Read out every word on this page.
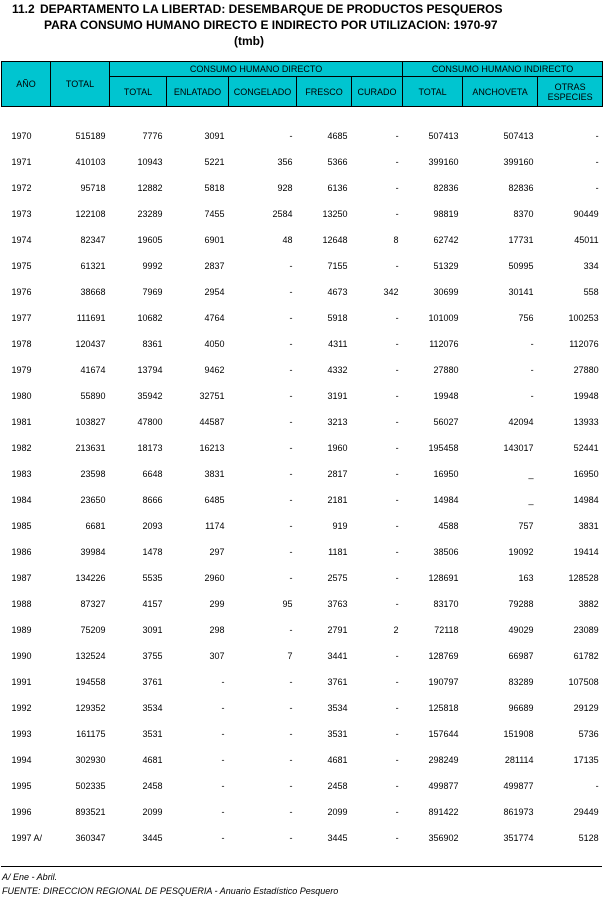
11.2 DEPARTAMENTO LA LIBERTAD: DESEMBARQUE DE PRODUCTOS PESQUEROS
PARA CONSUMO HUMANO DIRECTO E INDIRECTO POR UTILIZACION: 1970-97
(tmb)
AÑO	TOTAL	CONSUMO HUMANO DIRECTO					CONSUMO HUMANO INDIRECTO		
		TOTAL	ENLATADO	CONGELADO	FRESCO	CURADO	TOTAL	ANCHOVETA	OTRAS ESPECIES

1970	515189	7776	3091	-	4685	-	507413	507413	-
1971	410103	10943	5221	356	5366	-	399160	399160	-
1972	95718	12882	5818	928	6136	-	82836	82836	-
1973	122108	23289	7455	2584	13250	-	98819	8370	90449
1974	82347	19605	6901	48	12648	8	62742	17731	45011
1975	61321	9992	2837	-	7155	-	51329	50995	334
1976	38668	7969	2954	-	4673	342	30699	30141	558
1977	111691	10682	4764	-	5918	-	101009	756	100253
1978	120437	8361	4050	-	4311	-	112076	-	112076
1979	41674	13794	9462	-	4332	-	27880	-	27880
1980	55890	35942	32751	-	3191	-	19948	-	19948
1981	103827	47800	44587	-	3213	-	56027	42094	13933
1982	213631	18173	16213	-	1960	-	195458	143017	52441
1983	23598	6648	3831	-	2817	-	16950	_	16950
1984	23650	8666	6485	-	2181	-	14984	_	14984
1985	6681	2093	1174	-	919	-	4588	757	3831
1986	39984	1478	297	-	1181	-	38506	19092	19414
1987	134226	5535	2960	-	2575	-	128691	163	128528
1988	87327	4157	299	95	3763	-	83170	79288	3882
1989	75209	3091	298	-	2791	2	72118	49029	23089
1990	132524	3755	307	7	3441	-	128769	66987	61782
1991	194558	3761	-	-	3761	-	190797	83289	107508
1992	129352	3534	-	-	3534	-	125818	96689	29129
1993	161175	3531	-	-	3531	-	157644	151908	5736
1994	302930	4681	-	-	4681	-	298249	281114	17135
1995	502335	2458	-	-	2458	-	499877	499877	-
1996	893521	2099	-	-	2099	-	891422	861973	29449
1997 A/	360347	3445	-	-	3445	-	356902	351774	5128
A/ Ene - Abril.
FUENTE: DIRECCION REGIONAL DE PESQUERIA - Anuario Estadístico Pesquero
